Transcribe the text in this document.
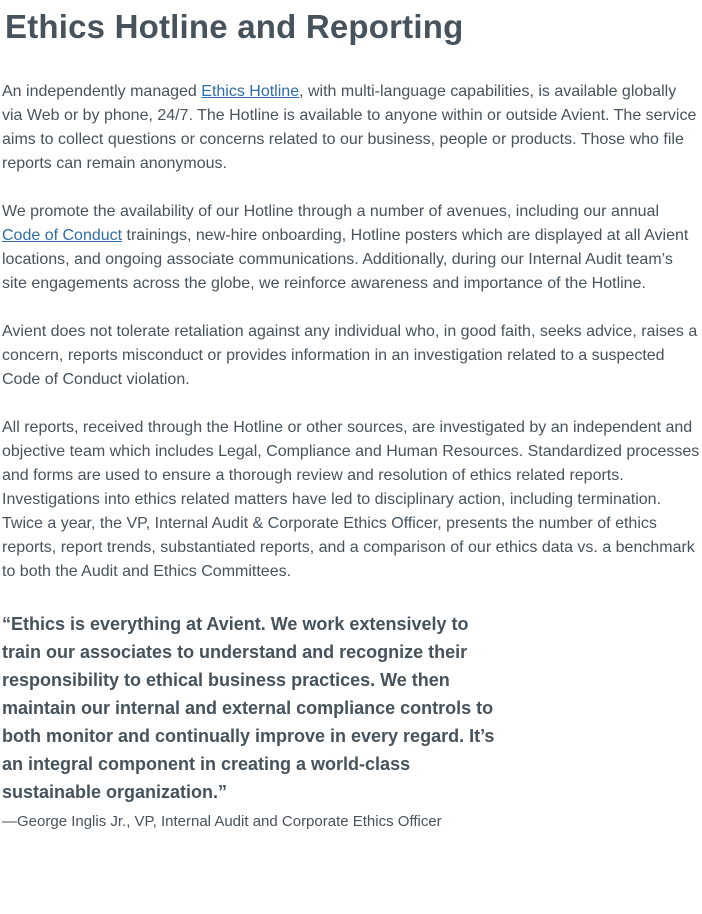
Ethics Hotline and Reporting

An independently managed Ethics Hotline, with multi-language capabilities, is available globally via Web or by phone, 24/7. The Hotline is available to anyone within or outside Avient. The service aims to collect questions or concerns related to our business, people or products. Those who file reports can remain anonymous.

We promote the availability of our Hotline through a number of avenues, including our annual Code of Conduct trainings, new-hire onboarding, Hotline posters which are displayed at all Avient locations, and ongoing associate communications. Additionally, during our Internal Audit team’s site engagements across the globe, we reinforce awareness and importance of the Hotline.

Avient does not tolerate retaliation against any individual who, in good faith, seeks advice, raises a concern, reports misconduct or provides information in an investigation related to a suspected Code of Conduct violation.

All reports, received through the Hotline or other sources, are investigated by an independent and objective team which includes Legal, Compliance and Human Resources. Standardized processes and forms are used to ensure a thorough review and resolution of ethics related reports. Investigations into ethics related matters have led to disciplinary action, including termination. Twice a year, the VP, Internal Audit & Corporate Ethics Officer, presents the number of ethics reports, report trends, substantiated reports, and a comparison of our ethics data vs. a benchmark to both the Audit and Ethics Committees.

“Ethics is everything at Avient. We work extensively to train our associates to understand and recognize their responsibility to ethical business practices. We then maintain our internal and external compliance controls to both monitor and continually improve in every regard. It’s an integral component in creating a world-class sustainable organization.”
—George Inglis Jr., VP, Internal Audit and Corporate Ethics Officer
